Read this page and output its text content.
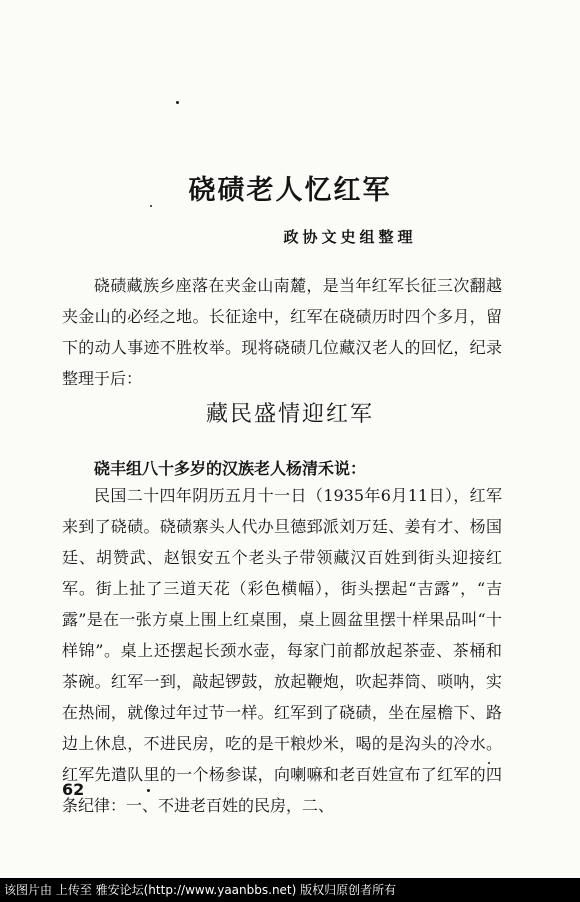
硗碛老人忆红军
政协文史组整理
硗碛藏族乡座落在夹金山南麓，是当年红军长征三次翻越夹金山的必经之地。长征途中，红军在硗碛历时四个多月，留下的动人事迹不胜枚举。现将硗碛几位藏汉老人的回忆，纪录整理于后：
藏民盛情迎红军
硗丰组八十多岁的汉族老人杨清禾说：
民国二十四年阴历五月十一日（1935年6月11日），红军来到了硗碛。硗碛寨头人代办旦德郅派刘万廷、姜有才、杨国廷、胡赞武、赵银安五个老头子带领藏汉百姓到街头迎接红军。街上扯了三道天花（彩色横幅），街头摆起“吉露”，“吉露”是在一张方桌上围上红桌围，桌上圆盆里摆十样果品叫“十样锦”。桌上还摆起长颈水壶，每家门前都放起茶壶、茶桶和茶碗。红军一到，敲起锣鼓，放起鞭炮，吹起莽筒、唢呐，实在热闹，就像过年过节一样。红军到了硗碛，坐在屋檐下、路边上休息，不进民房，吃的是干粮炒米，喝的是沟头的冷水。红军先遣队里的一个杨参谋，向喇嘛和老百姓宣布了红军的四条纪律：一、不进老百姓的民房，二、
62
该图片由 上传至 雅安论坛(http://www.yaanbbs.net) 版权归原创者所有
